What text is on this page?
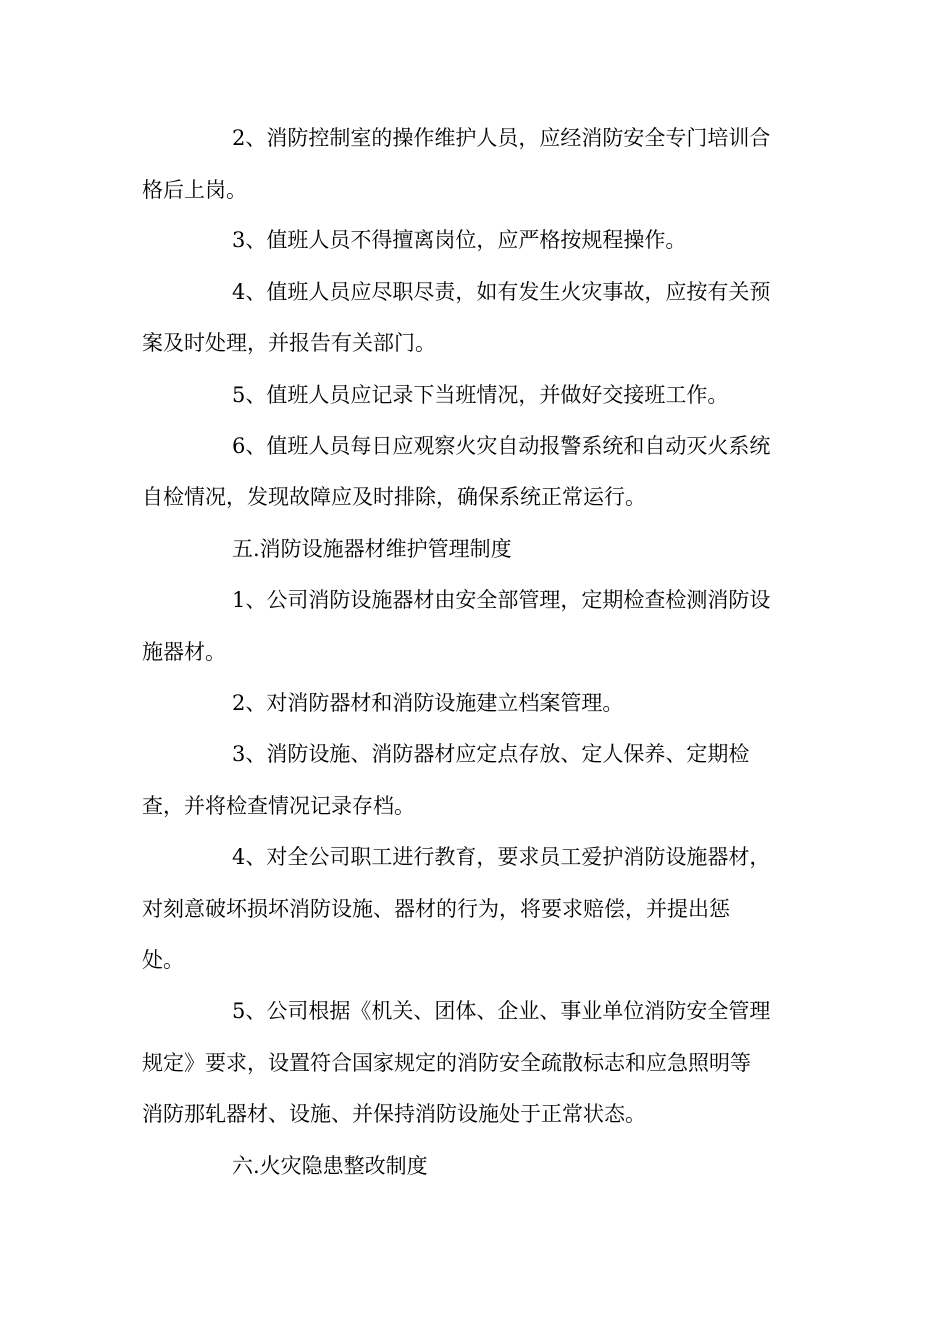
2、消防控制室的操作维护人员，应经消防安全专门培训合
格后上岗。
3、值班人员不得擅离岗位，应严格按规程操作。
4、值班人员应尽职尽责，如有发生火灾事故，应按有关预
案及时处理，并报告有关部门。
5、值班人员应记录下当班情况，并做好交接班工作。
6、值班人员每日应观察火灾自动报警系统和自动灭火系统
自检情况，发现故障应及时排除，确保系统正常运行。
五.消防设施器材维护管理制度
1、公司消防设施器材由安全部管理，定期检查检测消防设
施器材。
2、对消防器材和消防设施建立档案管理。
3、消防设施、消防器材应定点存放、定人保养、定期检
查，并将检查情况记录存档。
4、对全公司职工进行教育，要求员工爱护消防设施器材，
对刻意破坏损坏消防设施、器材的行为，将要求赔偿，并提出惩
处。
5、公司根据《机关、团体、企业、事业单位消防安全管理
规定》要求，设置符合国家规定的消防安全疏散标志和应急照明等
消防那轧器材、设施、并保持消防设施处于正常状态。
六.火灾隐患整改制度
